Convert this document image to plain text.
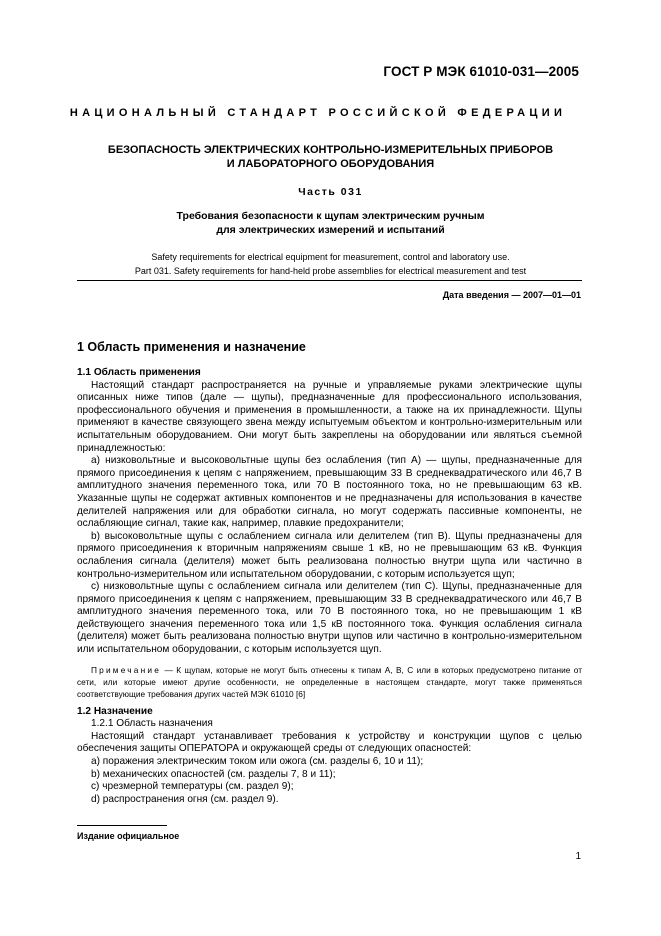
ГОСТ Р МЭК 61010-031—2005
НАЦИОНАЛЬНЫЙ СТАНДАРТ РОССИЙСКОЙ ФЕДЕРАЦИИ
БЕЗОПАСНОСТЬ ЭЛЕКТРИЧЕСКИХ КОНТРОЛЬНО-ИЗМЕРИТЕЛЬНЫХ ПРИБОРОВ
И ЛАБОРАТОРНОГО ОБОРУДОВАНИЯ
Часть 031
Требования безопасности к щупам электрическим ручным
для электрических измерений и испытаний
Safety requirements for electrical equipment for measurement, control and laboratory use.
Part 031. Safety requirements for hand-held probe assemblies for electrical measurement and test
Дата введения — 2007—01—01
1 Область применения и назначение
1.1 Область применения

Настоящий стандарт распространяется на ручные и управляемые руками электрические щупы описанных ниже типов (дале — щупы), предназначенные для профессионального использования, профессионального обучения и применения в промышленности, а также на их принадлежности. Щупы применяют в качестве связующего звена между испытуемым объектом и контрольно-измерительным или испытательным оборудованием. Они могут быть закреплены на оборудовании или являться съемной принадлежностью:

a) низковольтные и высоковольтные щупы без ослабления (тип А) — щупы, предназначенные для прямого присоединения к цепям с напряжением, превышающим 33 В среднеквадратического или 46,7 В амплитудного значения переменного тока, или 70 В постоянного тока, но не превышающим 63 кВ. Указанные щупы не содержат активных компонентов и не предназначены для использования в качестве делителей напряжения или для обработки сигнала, но могут содержать пассивные компоненты, не ослабляющие сигнал, такие как, например, плавкие предохранители;

b) высоковольтные щупы с ослаблением сигнала или делителем (тип В). Щупы предназначены для прямого присоединения к вторичным напряжениям свыше 1 кВ, но не превышающим 63 кВ. Функция ослабления сигнала (делителя) может быть реализована полностью внутри щупа или частично в контрольно-измерительном или испытательном оборудовании, с которым используется щуп;

c) низковольтные щупы с ослаблением сигнала или делителем (тип С). Щупы, предназначенные для прямого присоединения к цепям с напряжением, превышающим 33 В среднеквадратического или 46,7 В амплитудного значения переменного тока, или 70 В постоянного тока, но не превышающим 1 кВ действующего значения переменного тока или 1,5 кВ постоянного тока. Функция ослабления сигнала (делителя) может быть реализована полностью внутри щупов или частично в контрольно-измерительном или испытательном оборудовании, с которым используется щуп.

Примечание — К щупам, которые не могут быть отнесены к типам А, В, С или в которых предусмотрено питание от сети, или которые имеют другие особенности, не определенные в настоящем стандарте, могут также применяться соответствующие требования других частей МЭК 61010 [6]

1.2 Назначение

1.2.1 Область назначения

Настоящий стандарт устанавливает требования к устройству и конструкции щупов с целью обеспечения защиты ОПЕРАТОРА и окружающей среды от следующих опасностей:

a) поражения электрическим током или ожога (см. разделы 6, 10 и 11);

b) механических опасностей (см. разделы 7, 8 и 11);

c) чрезмерной температуры (см. раздел 9);

d) распространения огня (см. раздел 9).

Издание официальное
1
